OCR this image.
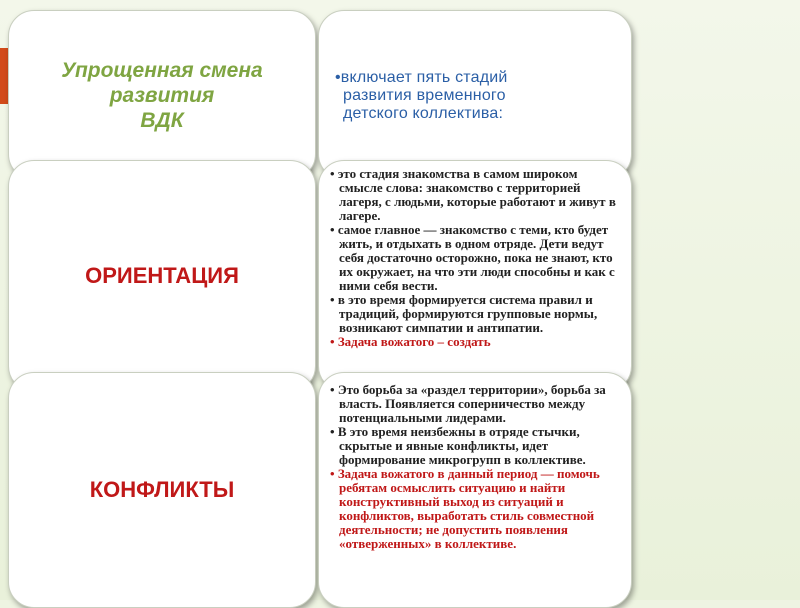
Упрощенная смена
развития
ВДК
•включает пять стадий развития временного детского коллектива:
ОРИЕНТАЦИЯ
• это стадия знакомства в самом широком смысле слова: знакомство с территорией лагеря, с людьми, которые работают и живут в лагере.
• самое главное — знакомство с теми, кто будет жить, и отдыхать в одном отряде. Дети ведут себя достаточно осторожно, пока не знают, кто их окружает, на что эти люди способны и как с ними себя вести.
• в это время формируется система правил и традиций, формируются групповые нормы, возникают симпатии и антипатии.
• Задача вожатого – создать
КОНФЛИКТЫ
• Это борьба за «раздел территории», борьба за власть. Появляется соперничество между потенциальными лидерами.
• В это время неизбежны в отряде стычки, скрытые и явные конфликты, идет формирование микрогрупп в коллективе.
• Задача вожатого в данный период — помочь ребятам осмыслить ситуацию и найти конструктивный выход из ситуаций и конфликтов, выработать стиль совместной деятельности; не допустить появления «отверженных» в коллективе.
